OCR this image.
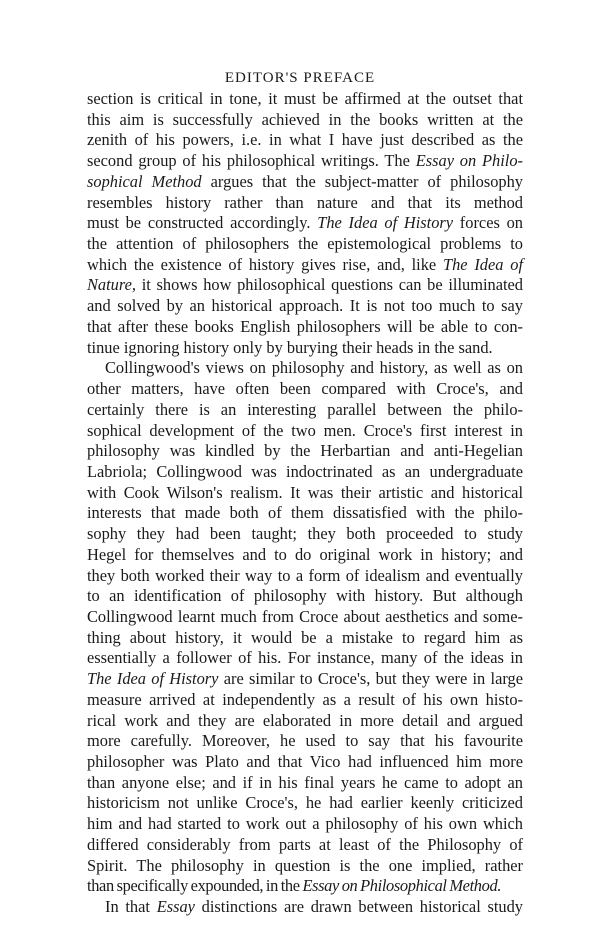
EDITOR'S PREFACE
section is critical in tone, it must be affirmed at the outset that
this aim is successfully achieved in the books written at the
zenith of his powers, i.e. in what I have just described as the
second group of his philosophical writings. The Essay on Philo-
sophical Method argues that the subject-matter of philosophy
resembles history rather than nature and that its method
must be constructed accordingly. The Idea of History forces on
the attention of philosophers the epistemological problems to
which the existence of history gives rise, and, like The Idea of
Nature, it shows how philosophical questions can be illuminated
and solved by an historical approach. It is not too much to say
that after these books English philosophers will be able to con-
tinue ignoring history only by burying their heads in the sand.
Collingwood's views on philosophy and history, as well as on
other matters, have often been compared with Croce's, and
certainly there is an interesting parallel between the philo-
sophical development of the two men. Croce's first interest in
philosophy was kindled by the Herbartian and anti-Hegelian
Labriola; Collingwood was indoctrinated as an undergraduate
with Cook Wilson's realism. It was their artistic and historical
interests that made both of them dissatisfied with the philo-
sophy they had been taught; they both proceeded to study
Hegel for themselves and to do original work in history; and
they both worked their way to a form of idealism and eventually
to an identification of philosophy with history. But although
Collingwood learnt much from Croce about aesthetics and some-
thing about history, it would be a mistake to regard him as
essentially a follower of his. For instance, many of the ideas in
The Idea of History are similar to Croce's, but they were in large
measure arrived at independently as a result of his own histo-
rical work and they are elaborated in more detail and argued
more carefully. Moreover, he used to say that his favourite
philosopher was Plato and that Vico had influenced him more
than anyone else; and if in his final years he came to adopt an
historicism not unlike Croce's, he had earlier keenly criticized
him and had started to work out a philosophy of his own which
differed considerably from parts at least of the Philosophy of
Spirit. The philosophy in question is the one implied, rather
than specifically expounded, in the Essay on Philosophical Method.
In that Essay distinctions are drawn between historical study
